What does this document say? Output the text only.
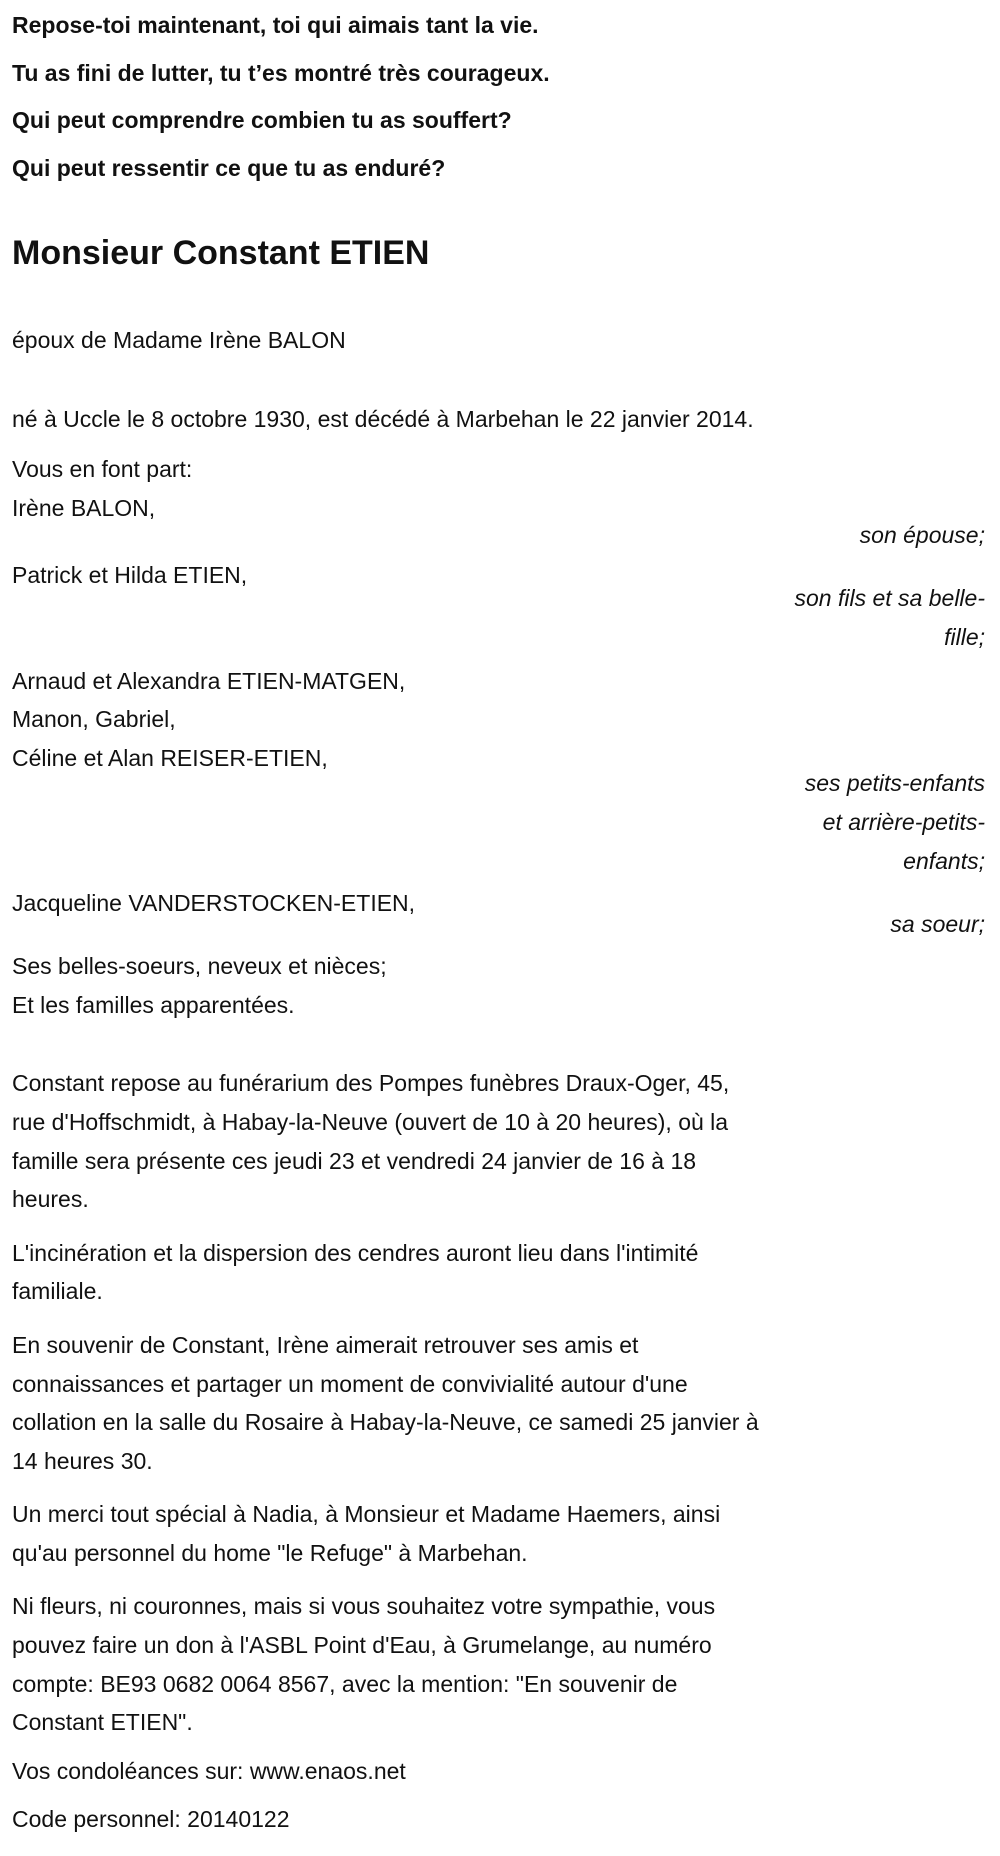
Repose-toi maintenant, toi qui aimais tant la vie.
Tu as fini de lutter, tu t’es montré très courageux.
Qui peut comprendre combien tu as souffert?
Qui peut ressentir ce que tu as enduré?
Monsieur Constant ETIEN
époux de Madame Irène BALON
né à Uccle le 8 octobre 1930, est décédé à Marbehan le 22 janvier 2014.
Vous en font part:
Irène BALON,
son épouse;
Patrick et Hilda ETIEN,
son fils et sa belle-
fille;
Arnaud et Alexandra ETIEN-MATGEN,
Manon, Gabriel,
Céline et Alan REISER-ETIEN,
ses petits-enfants
et arrière-petits-
enfants;
Jacqueline VANDERSTOCKEN-ETIEN,
sa soeur;
Ses belles-soeurs, neveux et nièces;
Et les familles apparentées.
Constant repose au funérarium des Pompes funèbres Draux-Oger, 45,
rue d'Hoffschmidt, à Habay-la-Neuve (ouvert de 10 à 20 heures), où la
famille sera présente ces jeudi 23 et vendredi 24 janvier de 16 à 18
heures.
L'incinération et la dispersion des cendres auront lieu dans l'intimité
familiale.
En souvenir de Constant, Irène aimerait retrouver ses amis et
connaissances et partager un moment de convivialité autour d'une
collation en la salle du Rosaire à Habay-la-Neuve, ce samedi 25 janvier à
14 heures 30.
Un merci tout spécial à Nadia, à Monsieur et Madame Haemers, ainsi
qu'au personnel du home "le Refuge" à Marbehan.
Ni fleurs, ni couronnes, mais si vous souhaitez votre sympathie, vous
pouvez faire un don à l'ASBL Point d'Eau, à Grumelange, au numéro
compte: BE93 0682 0064 8567, avec la mention: "En souvenir de
Constant ETIEN".
Vos condoléances sur: www.enaos.net
Code personnel: 20140122
